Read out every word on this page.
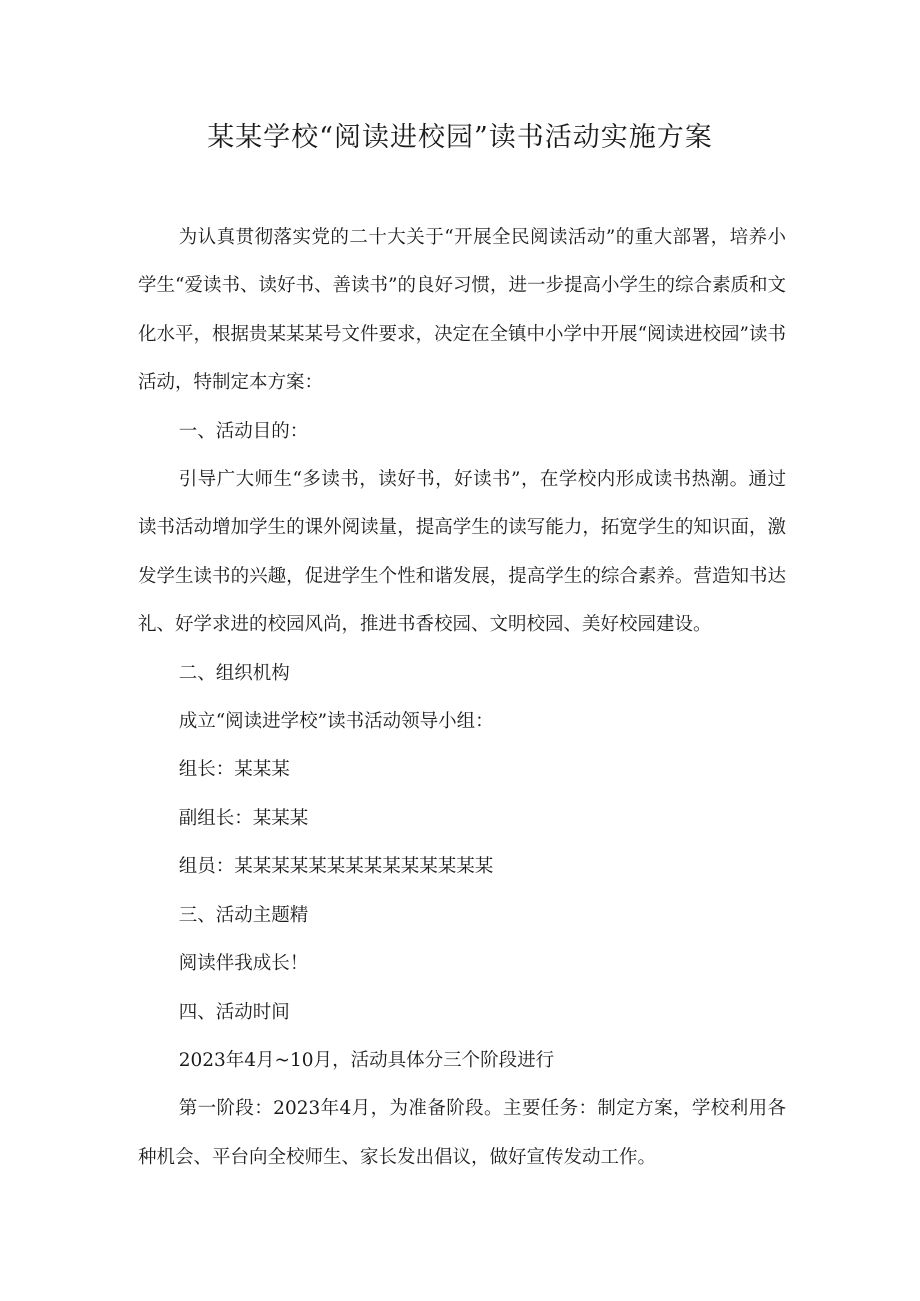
某某学校“阅读进校园”读书活动实施方案

为认真贯彻落实党的二十大关于“开展全民阅读活动”的重大部署，培养小学生“爱读书、读好书、善读书”的良好习惯，进一步提高小学生的综合素质和文化水平，根据贵某某某号文件要求，决定在全镇中小学中开展“阅读进校园”读书活动，特制定本方案：

一、活动目的：

引导广大师生“多读书，读好书，好读书”，在学校内形成读书热潮。通过读书活动增加学生的课外阅读量，提高学生的读写能力，拓宽学生的知识面，激发学生读书的兴趣，促进学生个性和谐发展，提高学生的综合素养。营造知书达礼、好学求进的校园风尚，推进书香校园、文明校园、美好校园建设。

二、组织机构

成立“阅读进学校”读书活动领导小组：

组长：某某某

副组长：某某某

组员：某某某某某某某某某某某某某某

三、活动主题精

阅读伴我成长！

四、活动时间

2023年4月~10月，活动具体分三个阶段进行

第一阶段：2023年4月，为准备阶段。主要任务：制定方案，学校利用各种机会、平台向全校师生、家长发出倡议，做好宣传发动工作。
